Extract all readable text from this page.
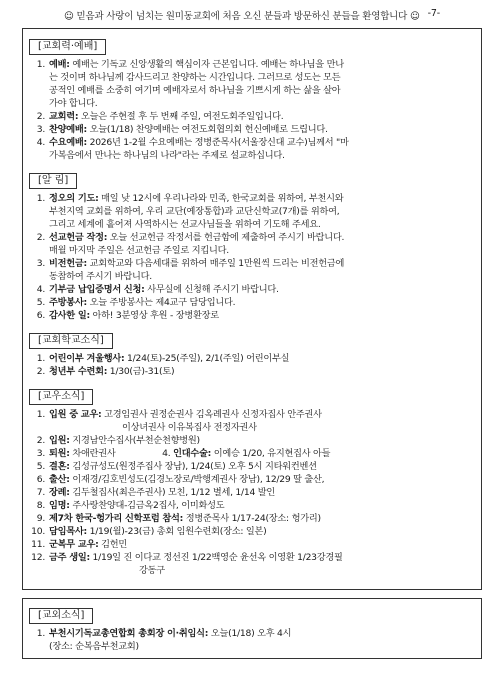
☺ 믿음과 사랑이 넘치는 원미동교회에 처음 오신 분들과 방문하신 분들을 환영합니다 ☺ -7-
[교회력·예배]
1. 예배: 예배는 기독교 신앙생활의 핵심이자 근본입니다. 예배는 하나님을 만나
는 것이며 하나님께 감사드리고 찬양하는 시간입니다. 그러므로 성도는 모든
공적인 예배를 소중히 여기며 예배자로서 하나님을 기쁘시게 하는 삶을 살아
가야 합니다.
2. 교회력: 오늘은 주현절 후 두 번째 주일, 여전도회주일입니다.
3. 찬양예배: 오늘(1/18) 찬양예배는 여전도회협의회 헌신예배로 드립니다.
4. 수요예배: 2026년 1-2월 수요예배는 정병준목사(서울장신대 교수)님께서 "마
가복음에서 만나는 하나님의 나라"라는 주제로 설교하십니다.
[알 림]
1. 정오의 기도: 매일 낮 12시에 우리나라와 민족, 한국교회를 위하여, 부천시와
부천지역 교회를 위하여, 우리 교단(예장통합)과 교단신학교(7개)를 위하여,
그리고 세계에 흩어져 사역하시는 선교사님들을 위하여 기도해 주세요.
2. 선교헌금 작정: 오늘 선교헌금 작정서를 헌금함에 제출하여 주시기 바랍니다.
매월 마지막 주일은 선교헌금 주일로 지킵니다.
3. 비전헌금: 교회학교와 다음세대를 위하여 매주일 1만원씩 드리는 비전헌금에
동참하여 주시기 바랍니다.
4. 기부금 납입증명서 신청: 사무실에 신청해 주시기 바랍니다.
5. 주방봉사: 오늘 주방봉사는 제4교구 담당입니다.
6. 감사한 일: 아하! 3분영상 후원 - 장병환장로
[교회학교소식]
1. 어린이부 겨울행사: 1/24(토)-25(주일), 2/1(주일) 어린이부실
2. 청년부 수련회: 1/30(금)-31(토)
[교우소식]
1. 입원 중 교우: 고경임권사 권정순권사 김옥례권사 신정자집사 안주권사
이상녀권사 이유복집사 전정자권사
2. 입원: 지경남안수집사(부천순천향병원)
3. 퇴원: 차애란권사	4. 인대수술: 이예승 1/20, 유지현집사 아들
5. 결혼: 김성규성도(원정주집사 장남), 1/24(토) 오후 5시 지타워컨벤션
6. 출산: 이재경/김호빈성도(김경노장로/박행계권사 장남), 12/29 딸 출산,
7. 장례: 김두철집사(최은주권사) 모친, 1/12 별세, 1/14 발인
8. 임명: 주사랑찬양대-김금옥2집사, 이미화성도
9. 제7차 한국-헝가리 신학포럼 참석: 정병준목사 1/17-24(장소: 헝가리)
10. 담임목사: 1/19(월)-23(금) 총회 임원수련회(장소: 일본)
11. 군복무 교우: 김헌민
12. 금주 생일: 1/19일 진 이다교 정선진 1/22백영순 윤선옥 이영환 1/23강경필
강동구
[교외소식]
1. 부천시기독교총연합회 총회장 이·취임식: 오늘(1/18) 오후 4시
(장소: 순복음부천교회)
